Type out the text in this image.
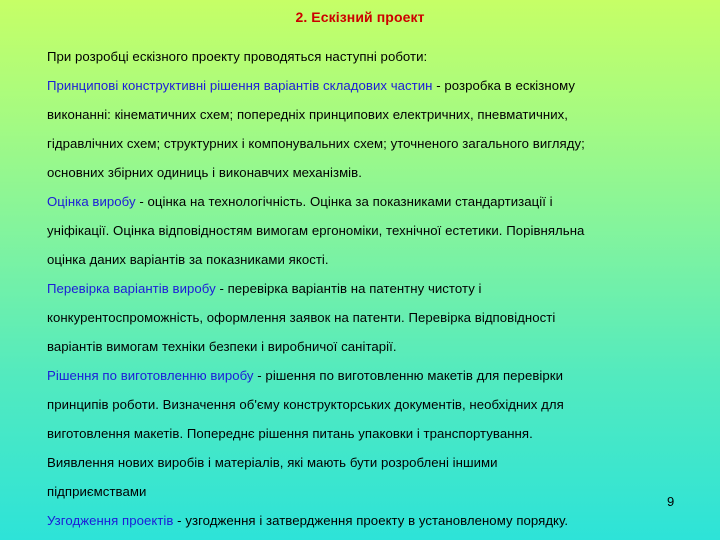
2. Ескізний проект
При розробці ескізного проекту проводяться наступні роботи:
Принципові конструктивні рішення варіантів складових частин - розробка в ескізному
виконанні: кінематичних схем; попередніх принципових електричних, пневматичних,
гідравлічних схем; структурних і компонувальних схем; уточненого загального вигляду;
основних збірних одиниць і виконавчих механізмів.
Оцінка виробу - оцінка на технологічність. Оцінка за показниками стандартизації і
уніфікації. Оцінка відповідностям вимогам ергономіки, технічної естетики. Порівняльна
оцінка даних варіантів за показниками якості.
Перевірка варіантів виробу - перевірка варіантів на патентну чистоту і
конкурентоспроможність, оформлення заявок на патенти. Перевірка відповідності
варіантів вимогам техніки безпеки і виробничої санітарії.
Рішення по виготовленню виробу - рішення по виготовленню макетів для перевірки
принципів роботи. Визначення об'єму конструкторських документів, необхідних для
виготовлення макетів. Попереднє рішення питань упаковки і транспортування.
Виявлення нових виробів і матеріалів, які мають бути розроблені іншими
підприємствами
Узгодження проектів - узгодження і затвердження проекту в установленому порядку.
9
